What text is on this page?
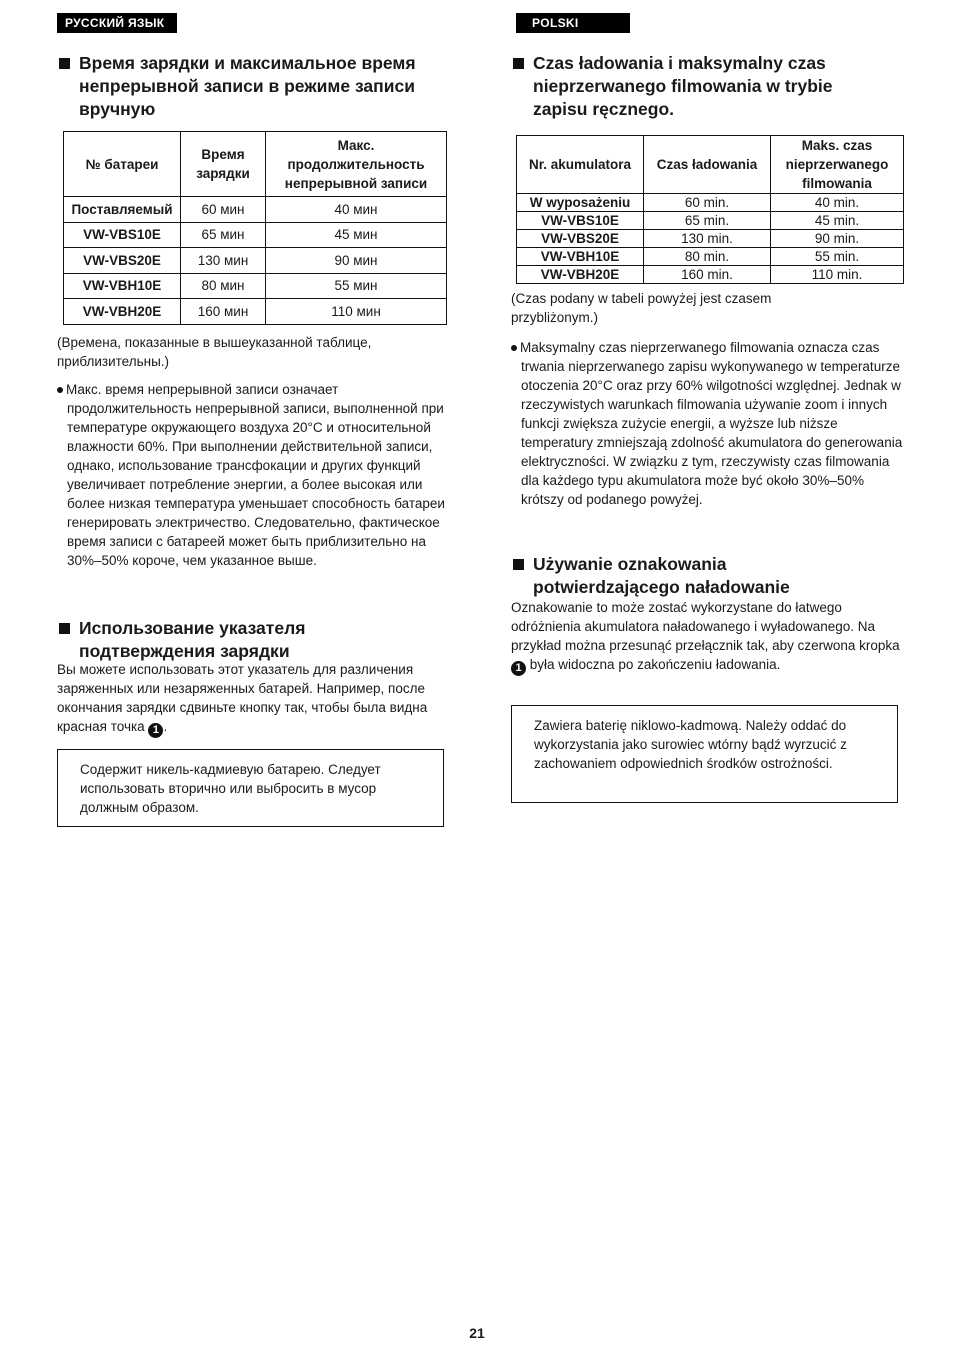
РУССКИЙ ЯЗЫК
Время зарядки и максимальное время непрерывной записи в режиме записи вручную
№ батареи	Время зарядки	Макс. продолжительность непрерывной записи
Поставляемый	60 мин	40 мин
VW-VBS10E	65 мин	45 мин
VW-VBS20E	130 мин	90 мин
VW-VBH10E	80 мин	55 мин
VW-VBH20E	160 мин	110 мин
(Времена, показанные в вышеуказанной таблице, приблизительны.)
Макс. время непрерывной записи означает продолжительность непрерывной записи, выполненной при температуре окружающего воздуха 20°C и относительной влажности 60%. При выполнении действительной записи, однако, использование трансфокации и других функций увеличивает потребление энергии, а более высокая или более низкая температура уменьшает способность батареи генерировать электричество. Следовательно, фактическое время записи с батареей может быть приблизительно на 30%–50% короче, чем указанное выше.
Использование указателя подтверждения зарядки
Вы можете использовать этот указатель для различения заряженных или незаряженных батарей. Например, после окончания зарядки сдвиньте кнопку так, чтобы была видна красная точка 1 .
Содержит никель-кадмиевую батарею. Следует использовать вторично или выбросить в мусор должным образом.
POLSKI
Czas ładowania i maksymalny czas nieprzerwanego filmowania w trybie zapisu ręcznego.
Nr. akumulatora	Czas ładowania	Maks. czas nieprzerwanego filmowania
W wyposażeniu	60 min.	40 min.
VW-VBS10E	65 min.	45 min.
VW-VBS20E	130 min.	90 min.
VW-VBH10E	80 min.	55 min.
VW-VBH20E	160 min.	110 min.
(Czas podany w tabeli powyżej jest czasem przybliżonym.)
Maksymalny czas nieprzerwanego filmowania oznacza czas trwania nieprzerwanego zapisu wykonywanego w temperaturze otoczenia 20°C oraz przy 60% wilgotności względnej. Jednak w rzeczywistych warunkach filmowania używanie zoom i innych funkcji zwiększa zużycie energii, a wyższe lub niższe temperatury zmniejszają zdolność akumulatora do generowania elektryczności. W związku z tym, rzeczywisty czas filmowania dla każdego typu akumulatora może być około 30%–50% krótszy od podanego powyżej.
Używanie oznakowania potwierdzającego naładowanie
Oznakowanie to może zostać wykorzystane do łatwego odróżnienia akumulatora naładowanego i wyładowanego. Na przykład można przesunąć przełącznik tak, aby czerwona kropka 1 była widoczna po zakończeniu ładowania.
Zawiera baterię niklowo-kadmową. Należy oddać do wykorzystania jako surowiec wtórny bądź wyrzucić z zachowaniem odpowiednich środków ostrożności.
21
